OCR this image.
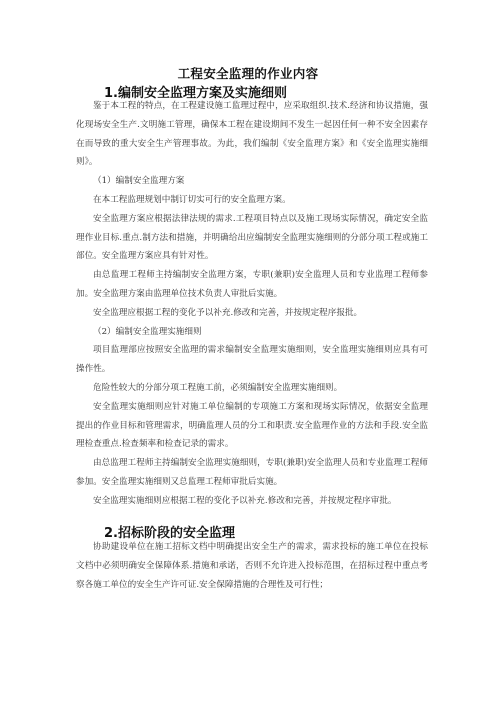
工程安全监理的作业内容
1.编制安全监理方案及实施细则

鉴于本工程的特点，在工程建设施工监理过程中，应采取组织.技术.经济和协议措施，强化现场安全生产.文明施工管理，确保本工程在建设期间不发生一起因任何一种不安全因素存在而导致的重大安全生产管理事故。为此，我们编制《安全监理方案》和《安全监理实施细则》。

（1）编制安全监理方案

在本工程监理规划中制订切实可行的安全监理方案。

安全监理方案应根据法律法规的需求.工程项目特点以及施工现场实际情况，确定安全监理作业目标.重点.制方法和措施，并明确给出应编制安全监理实施细则的分部分项工程或施工部位。安全监理方案应具有针对性。

由总监理工程师主持编制安全监理方案，专职(兼职)安全监理人员和专业监理工程师参加。安全监理方案由监理单位技术负责人审批后实施。

安全监理应根据工程的变化予以补充.修改和完善，并按规定程序报批。

（2）编制安全监理实施细则

项目监理部应按照安全监理的需求编制安全监理实施细则，安全监理实施细则应具有可操作性。

危险性较大的分部分项工程施工前，必须编制安全监理实施细则。

安全监理实施细则应针对施工单位编制的专项施工方案和现场实际情况，依据安全监理提出的作业目标和管理需求，明确监理人员的分工和职责.安全监理作业的方法和手段.安全监理检查重点.检查频率和检查记录的需求。

由总监理工程师主持编制安全监理实施细则，专职(兼职)安全监理人员和专业监理工程师参加。安全监理实施细则又总监理工程师审批后实施。

安全监理实施细则应根据工程的变化予以补充.修改和完善，并按规定程序审批。

2.招标阶段的安全监理

协助建设单位在施工招标文档中明确提出安全生产的需求，需求投标的施工单位在投标文档中必须明确安全保障体系.措施和承诺，否则不允许进入投标范围，在招标过程中重点考察各施工单位的安全生产许可证.安全保障措施的合理性及可行性；
